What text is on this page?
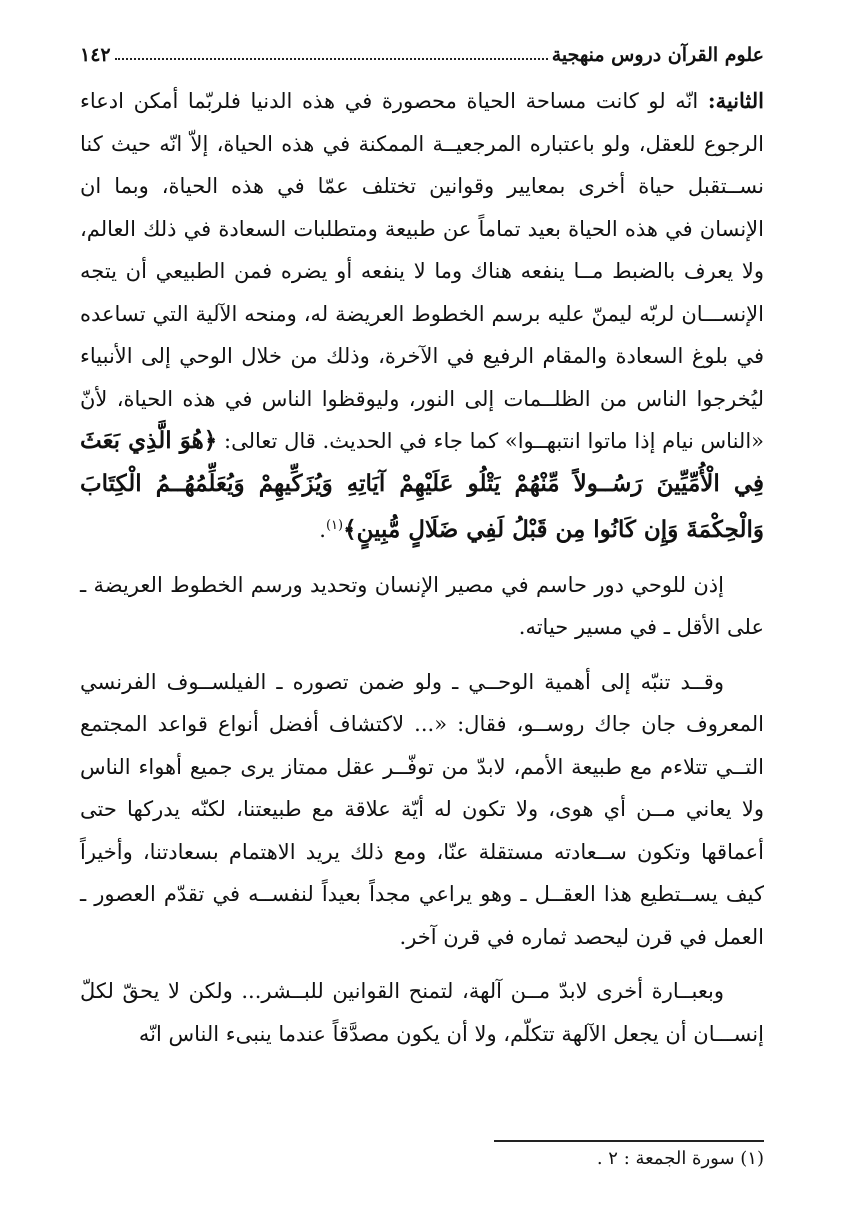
علوم القرآن دروس منهجية
١٤٢

الثانية: انّه لو كانت مساحة الحياة محصورة في هذه الدنيا فلربّما أمكن ادعاء الرجوع للعقل، ولو باعتباره المرجعيــة الممكنة في هذه الحياة، إلاّ انّه حيث كنا نســتقبل حياة أخرى بمعايير وقوانين تختلف عمّا في هذه الحياة، وبما ان الإنسان في هذه الحياة بعيد تماماً عن طبيعة ومتطلبات السعادة في ذلك العالم، ولا يعرف بالضبط مــا ينفعه هناك وما لا ينفعه أو يضره فمن الطبيعي أن يتجه الإنســـان لربّه ليمنّ عليه برسم الخطوط العريضة له، ومنحه الآلية التي تساعده في بلوغ السعادة والمقام الرفيع في الآخرة، وذلك من خلال الوحي إلى الأنبياء ليُخرجوا الناس من الظلــمات إلى النور، وليوقظوا الناس في هذه الحياة، لأنّ «الناس نيام إذا ماتوا انتبهــوا» كما جاء في الحديث. قال تعالى: ﴿هُوَ الَّذِي بَعَثَ فِي الْأُمِّيِّينَ رَسُــولاً مِّنْهُمْ يَتْلُو عَلَيْهِمْ آيَاتِهِ وَيُزَكِّيهِمْ وَيُعَلِّمُهُــمُ الْكِتَابَ وَالْحِكْمَةَ وَإِن كَانُوا مِن قَبْلُ لَفِي ضَلَالٍ مُّبِينٍ﴾$^{(١)}$.

إذن للوحي دور حاسم في مصير الإنسان وتحديد ورسم الخطوط العريضة ـ على الأقل ـ في مسير حياته.

وقــد تنبّه إلى أهمية الوحــي ـ ولو ضمن تصوره ـ الفيلســوف الفرنسي المعروف جان جاك روســو، فقال: «... لاكتشاف أفضل أنواع قواعد المجتمع التــي تتلاءم مع طبيعة الأمم، لابدّ من توفّــر عقل ممتاز يرى جميع أهواء الناس ولا يعاني مــن أي هوى، ولا تكون له أيّة علاقة مع طبيعتنا، لكنّه يدركها حتى أعماقها وتكون ســعادته مستقلة عنّا، ومع ذلك يريد الاهتمام بسعادتنا، وأخيراً كيف يســتطيع هذا العقــل ـ وهو يراعي مجداً بعيداً لنفســه في تقدّم العصور ـ العمل في قرن ليحصد ثماره في قرن آخر.

وبعبــارة أخرى لابدّ مــن آلهة، لتمنح القوانين للبــشر... ولكن لا يحقّ لكلّ إنســـان أن يجعل الآلهة تتكلّم، ولا أن يكون مصدَّقاً عندما ينبىء الناس انّه

(١) سورة الجمعة : ٢ .
